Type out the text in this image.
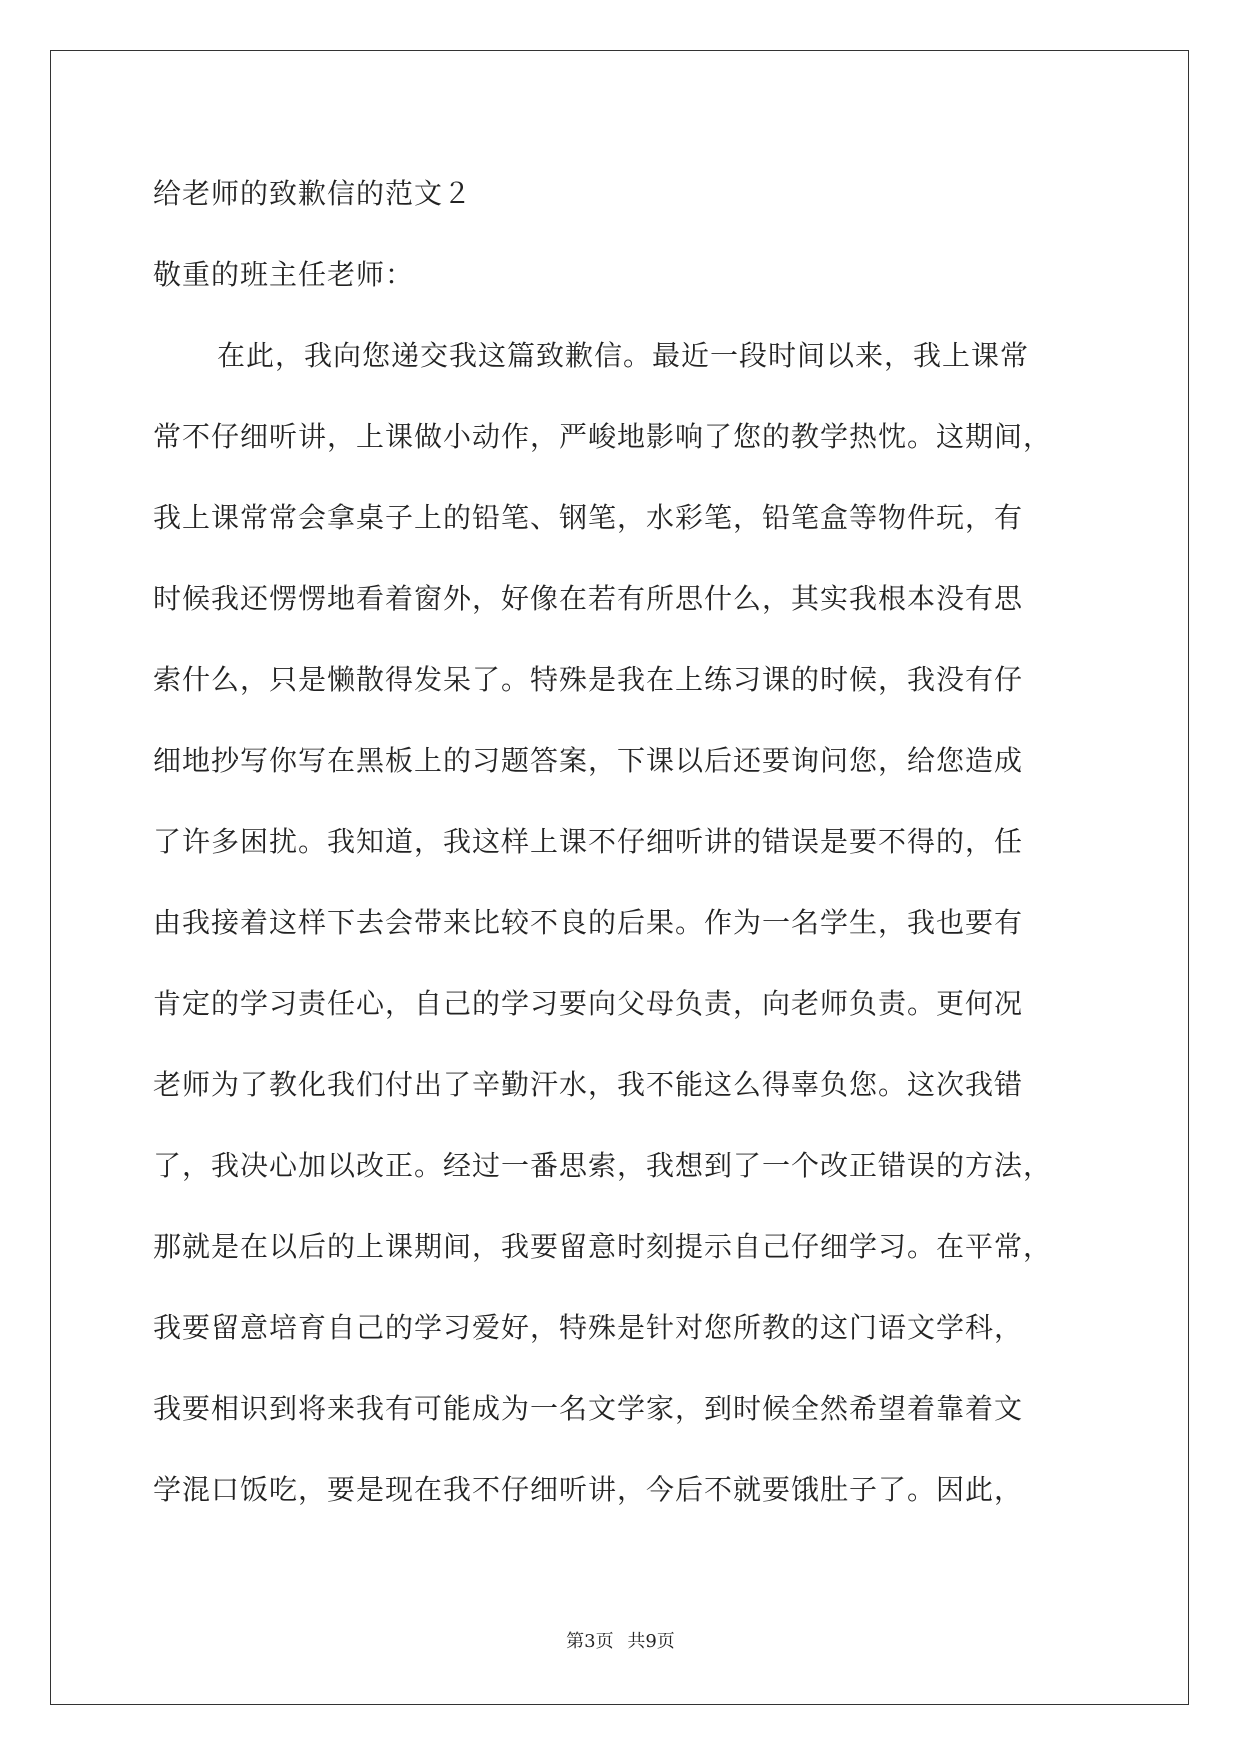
给老师的致歉信的范文２
敬重的班主任老师：
在此，我向您递交我这篇致歉信。最近一段时间以来，我上课常
常不仔细听讲，上课做小动作，严峻地影响了您的教学热忱。这期间，
我上课常常会拿桌子上的铅笔、钢笔，水彩笔，铅笔盒等物件玩，有
时候我还愣愣地看着窗外，好像在若有所思什么，其实我根本没有思
索什么，只是懒散得发呆了。特殊是我在上练习课的时候，我没有仔
细地抄写你写在黑板上的习题答案，下课以后还要询问您，给您造成
了许多困扰。我知道，我这样上课不仔细听讲的错误是要不得的，任
由我接着这样下去会带来比较不良的后果。作为一名学生，我也要有
肯定的学习责任心，自己的学习要向父母负责，向老师负责。更何况
老师为了教化我们付出了辛勤汗水，我不能这么得辜负您。这次我错
了，我决心加以改正。经过一番思索，我想到了一个改正错误的方法，
那就是在以后的上课期间，我要留意时刻提示自己仔细学习。在平常，
我要留意培育自己的学习爱好，特殊是针对您所教的这门语文学科，
我要相识到将来我有可能成为一名文学家，到时候全然希望着靠着文
学混口饭吃，要是现在我不仔细听讲，今后不就要饿肚子了。因此，
第3页 共9页
